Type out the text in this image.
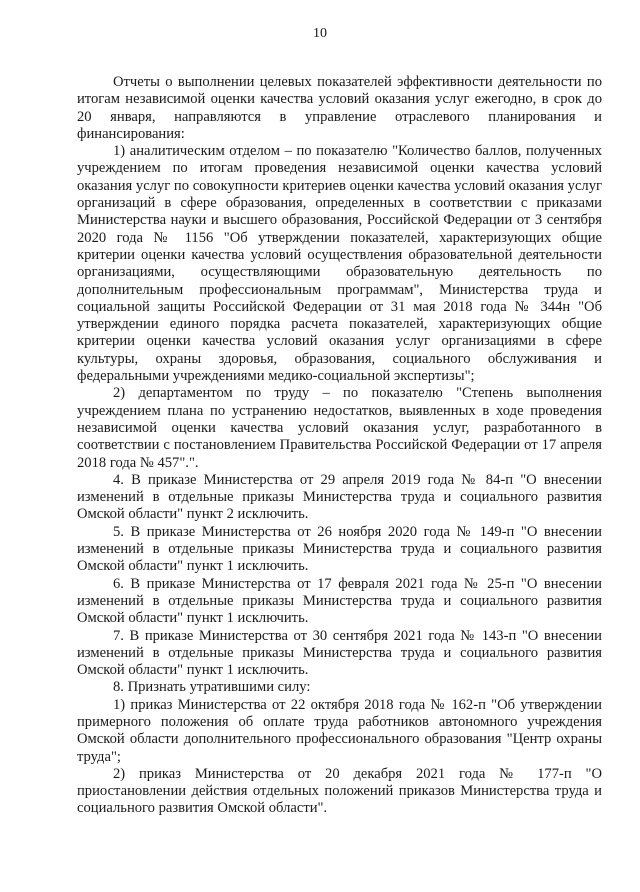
10

Отчеты о выполнении целевых показателей эффективности деятельности по итогам независимой оценки качества условий оказания услуг ежегодно, в срок до 20 января, направляются в управление отраслевого планирования и финансирования:

1) аналитическим отделом – по показателю "Количество баллов, полученных учреждением по итогам проведения независимой оценки качества условий оказания услуг по совокупности критериев оценки качества условий оказания услуг организаций в сфере образования, определенных в соответствии с приказами Министерства науки и высшего образования, Российской Федерации от 3 сентября 2020 года № 1156 "Об утверждении показателей, характеризующих общие критерии оценки качества условий осуществления образовательной деятельности организациями, осуществляющими образовательную деятельность по дополнительным профессиональным программам", Министерства труда и социальной защиты Российской Федерации от 31 мая 2018 года № 344н "Об утверждении единого порядка расчета показателей, характеризующих общие критерии оценки качества условий оказания услуг организациями в сфере культуры, охраны здоровья, образования, социального обслуживания и федеральными учреждениями медико-социальной экспертизы";

2) департаментом по труду – по показателю "Степень выполнения учреждением плана по устранению недостатков, выявленных в ходе проведения независимой оценки качества условий оказания услуг, разработанного в соответствии с постановлением Правительства Российской Федерации от 17 апреля 2018 года № 457".".

4. В приказе Министерства от 29 апреля 2019 года № 84-п "О внесении изменений в отдельные приказы Министерства труда и социального развития Омской области" пункт 2 исключить.

5. В приказе Министерства от 26 ноября 2020 года № 149-п "О внесении изменений в отдельные приказы Министерства труда и социального развития Омской области" пункт 1 исключить.

6. В приказе Министерства от 17 февраля 2021 года № 25-п "О внесении изменений в отдельные приказы Министерства труда и социального развития Омской области" пункт 1 исключить.

7. В приказе Министерства от 30 сентября 2021 года № 143-п "О внесении изменений в отдельные приказы Министерства труда и социального развития Омской области" пункт 1 исключить.

8. Признать утратившими силу:

1) приказ Министерства от 22 октября 2018 года № 162-п "Об утверждении примерного положения об оплате труда работников автономного учреждения Омской области дополнительного профессионального образования "Центр охраны труда";

2) приказ Министерства от 20 декабря 2021 года № 177-п "О приостановлении действия отдельных положений приказов Министерства труда и социального развития Омской области".
